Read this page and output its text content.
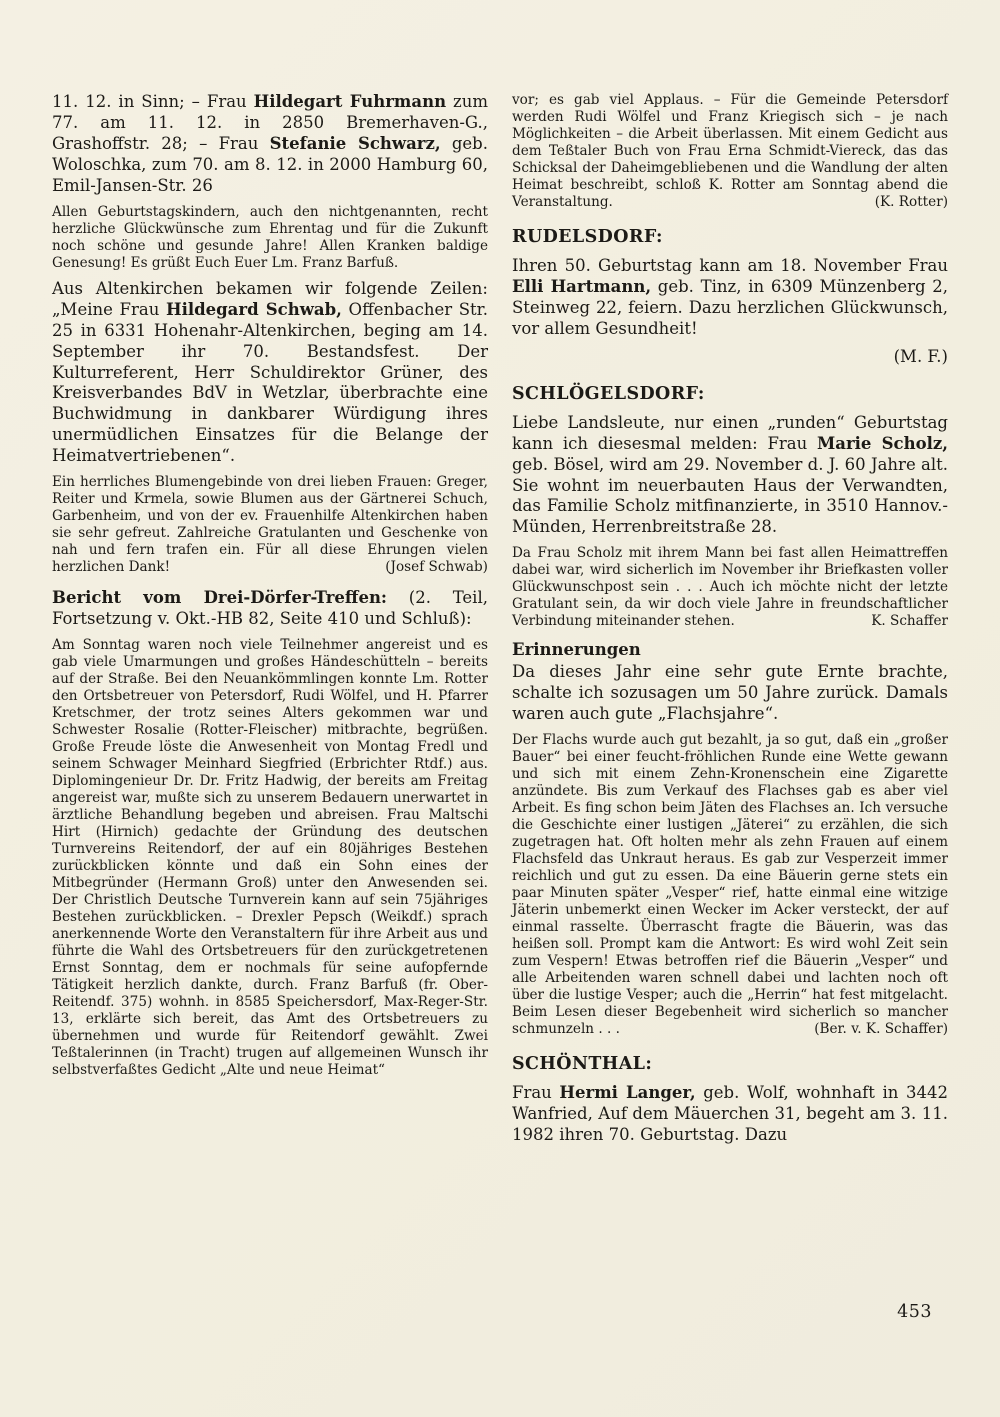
11. 12. in Sinn; – Frau Hildegart Fuhrmann zum 77. am 11. 12. in 2850 Bremerhaven-G., Grashoffstr. 28; – Frau Stefanie Schwarz, geb. Woloschka, zum 70. am 8. 12. in 2000 Hamburg 60, Emil-Jansen-Str. 26

Allen Geburtstagskindern, auch den nichtgenannten, recht herzliche Glückwünsche zum Ehrentag und für die Zukunft noch schöne und gesunde Jahre! Allen Kranken baldige Genesung! Es grüßt Euch Euer Lm. Franz Barfuß.

Aus Altenkirchen bekamen wir folgende Zeilen: „Meine Frau Hildegard Schwab, Offenbacher Str. 25 in 6331 Hohenahr-Altenkirchen, beging am 14. September ihr 70. Bestandsfest. Der Kulturreferent, Herr Schuldirektor Grüner, des Kreisverbandes BdV in Wetzlar, überbrachte eine Buchwidmung in dankbarer Würdigung ihres unermüdlichen Einsatzes für die Belange der Heimatvertriebenen“.

Ein herrliches Blumengebinde von drei lieben Frauen: Greger, Reiter und Krmela, sowie Blumen aus der Gärtnerei Schuch, Garbenheim, und von der ev. Frauenhilfe Altenkirchen haben sie sehr gefreut. Zahlreiche Gratulanten und Geschenke von nah und fern trafen ein. Für all diese Ehrungen vielen herzlichen Dank!	(Josef Schwab)

Bericht vom Drei-Dörfer-Treffen: (2. Teil, Fortsetzung v. Okt.-HB 82, Seite 410 und Schluß):

Am Sonntag waren noch viele Teilnehmer angereist und es gab viele Umarmungen und großes Händeschütteln – bereits auf der Straße. Bei den Neuankömmlingen konnte Lm. Rotter den Ortsbetreuer von Petersdorf, Rudi Wölfel, und H. Pfarrer Kretschmer, der trotz seines Alters gekommen war und Schwester Rosalie (Rotter-Fleischer) mitbrachte, begrüßen. Große Freude löste die Anwesenheit von Montag Fredl und seinem Schwager Meinhard Siegfried (Erbrichter Rtdf.) aus. Diplomingenieur Dr. Dr. Fritz Hadwig, der bereits am Freitag angereist war, mußte sich zu unserem Bedauern unerwartet in ärztliche Behandlung begeben und abreisen. Frau Maltschi Hirt (Hirnich) gedachte der Gründung des deutschen Turnvereins Reitendorf, der auf ein 80jähriges Bestehen zurückblicken könnte und daß ein Sohn eines der Mitbegründer (Hermann Groß) unter den Anwesenden sei. Der Christlich Deutsche Turnverein kann auf sein 75jähriges Bestehen zurückblicken. – Drexler Pepsch (Weikdf.) sprach anerkennende Worte den Veranstaltern für ihre Arbeit aus und führte die Wahl des Ortsbetreuers für den zurückgetretenen Ernst Sonntag, dem er nochmals für seine aufopfernde Tätigkeit herzlich dankte, durch. Franz Barfuß (fr. Ober-Reitendf. 375) wohnh. in 8585 Speichersdorf, Max-Reger-Str. 13, erklärte sich bereit, das Amt des Ortsbetreuers zu übernehmen und wurde für Reitendorf gewählt. Zwei Teßtalerinnen (in Tracht) trugen auf allgemeinen Wunsch ihr selbstverfaßtes Gedicht „Alte und neue Heimat“

vor; es gab viel Applaus. – Für die Gemeinde Petersdorf werden Rudi Wölfel und Franz Kriegisch sich – je nach Möglichkeiten – die Arbeit überlassen. Mit einem Gedicht aus dem Teßtaler Buch von Frau Erna Schmidt-Viereck, das das Schicksal der Daheimgebliebenen und die Wandlung der alten Heimat beschreibt, schloß K. Rotter am Sonntag abend die Veranstaltung.	(K. Rotter)

RUDELSDORF:

Ihren 50. Geburtstag kann am 18. November Frau Elli Hartmann, geb. Tinz, in 6309 Münzenberg 2, Steinweg 22, feiern. Dazu herzlichen Glückwunsch, vor allem Gesundheit!

(M. F.)
SCHLÖGELSDORF:

Liebe Landsleute, nur einen „runden“ Geburtstag kann ich diesesmal melden: Frau Marie Scholz, geb. Bösel, wird am 29. November d. J. 60 Jahre alt. Sie wohnt im neuerbauten Haus der Verwandten, das Familie Scholz mitfinanzierte, in 3510 Hannov.-Münden, Herrenbreitstraße 28.

Da Frau Scholz mit ihrem Mann bei fast allen Heimattreffen dabei war, wird sicherlich im November ihr Briefkasten voller Glückwunschpost sein . . . Auch ich möchte nicht der letzte Gratulant sein, da wir doch viele Jahre in freundschaftlicher Verbindung miteinander stehen.	K. Schaffer

Erinnerungen

Da dieses Jahr eine sehr gute Ernte brachte, schalte ich sozusagen um 50 Jahre zurück. Damals waren auch gute „Flachsjahre“.

Der Flachs wurde auch gut bezahlt, ja so gut, daß ein „großer Bauer“ bei einer feucht-fröhlichen Runde eine Wette gewann und sich mit einem Zehn-Kronenschein eine Zigarette anzündete. Bis zum Verkauf des Flachses gab es aber viel Arbeit. Es fing schon beim Jäten des Flachses an. Ich versuche die Geschichte einer lustigen „Jäterei“ zu erzählen, die sich zugetragen hat. Oft holten mehr als zehn Frauen auf einem Flachsfeld das Unkraut heraus. Es gab zur Vesperzeit immer reichlich und gut zu essen. Da eine Bäuerin gerne stets ein paar Minuten später „Vesper“ rief, hatte einmal eine witzige Jäterin unbemerkt einen Wecker im Acker versteckt, der auf einmal rasselte. Überrascht fragte die Bäuerin, was das heißen soll. Prompt kam die Antwort: Es wird wohl Zeit sein zum Vespern! Etwas betroffen rief die Bäuerin „Vesper“ und alle Arbeitenden waren schnell dabei und lachten noch oft über die lustige Vesper; auch die „Herrin“ hat fest mitgelacht. Beim Lesen dieser Begebenheit wird sicherlich so mancher schmunzeln . . .	(Ber. v. K. Schaffer)

SCHÖNTHAL:

Frau Hermi Langer, geb. Wolf, wohnhaft in 3442 Wanfried, Auf dem Mäuerchen 31, begeht am 3. 11. 1982 ihren 70. Geburtstag. Dazu

453
